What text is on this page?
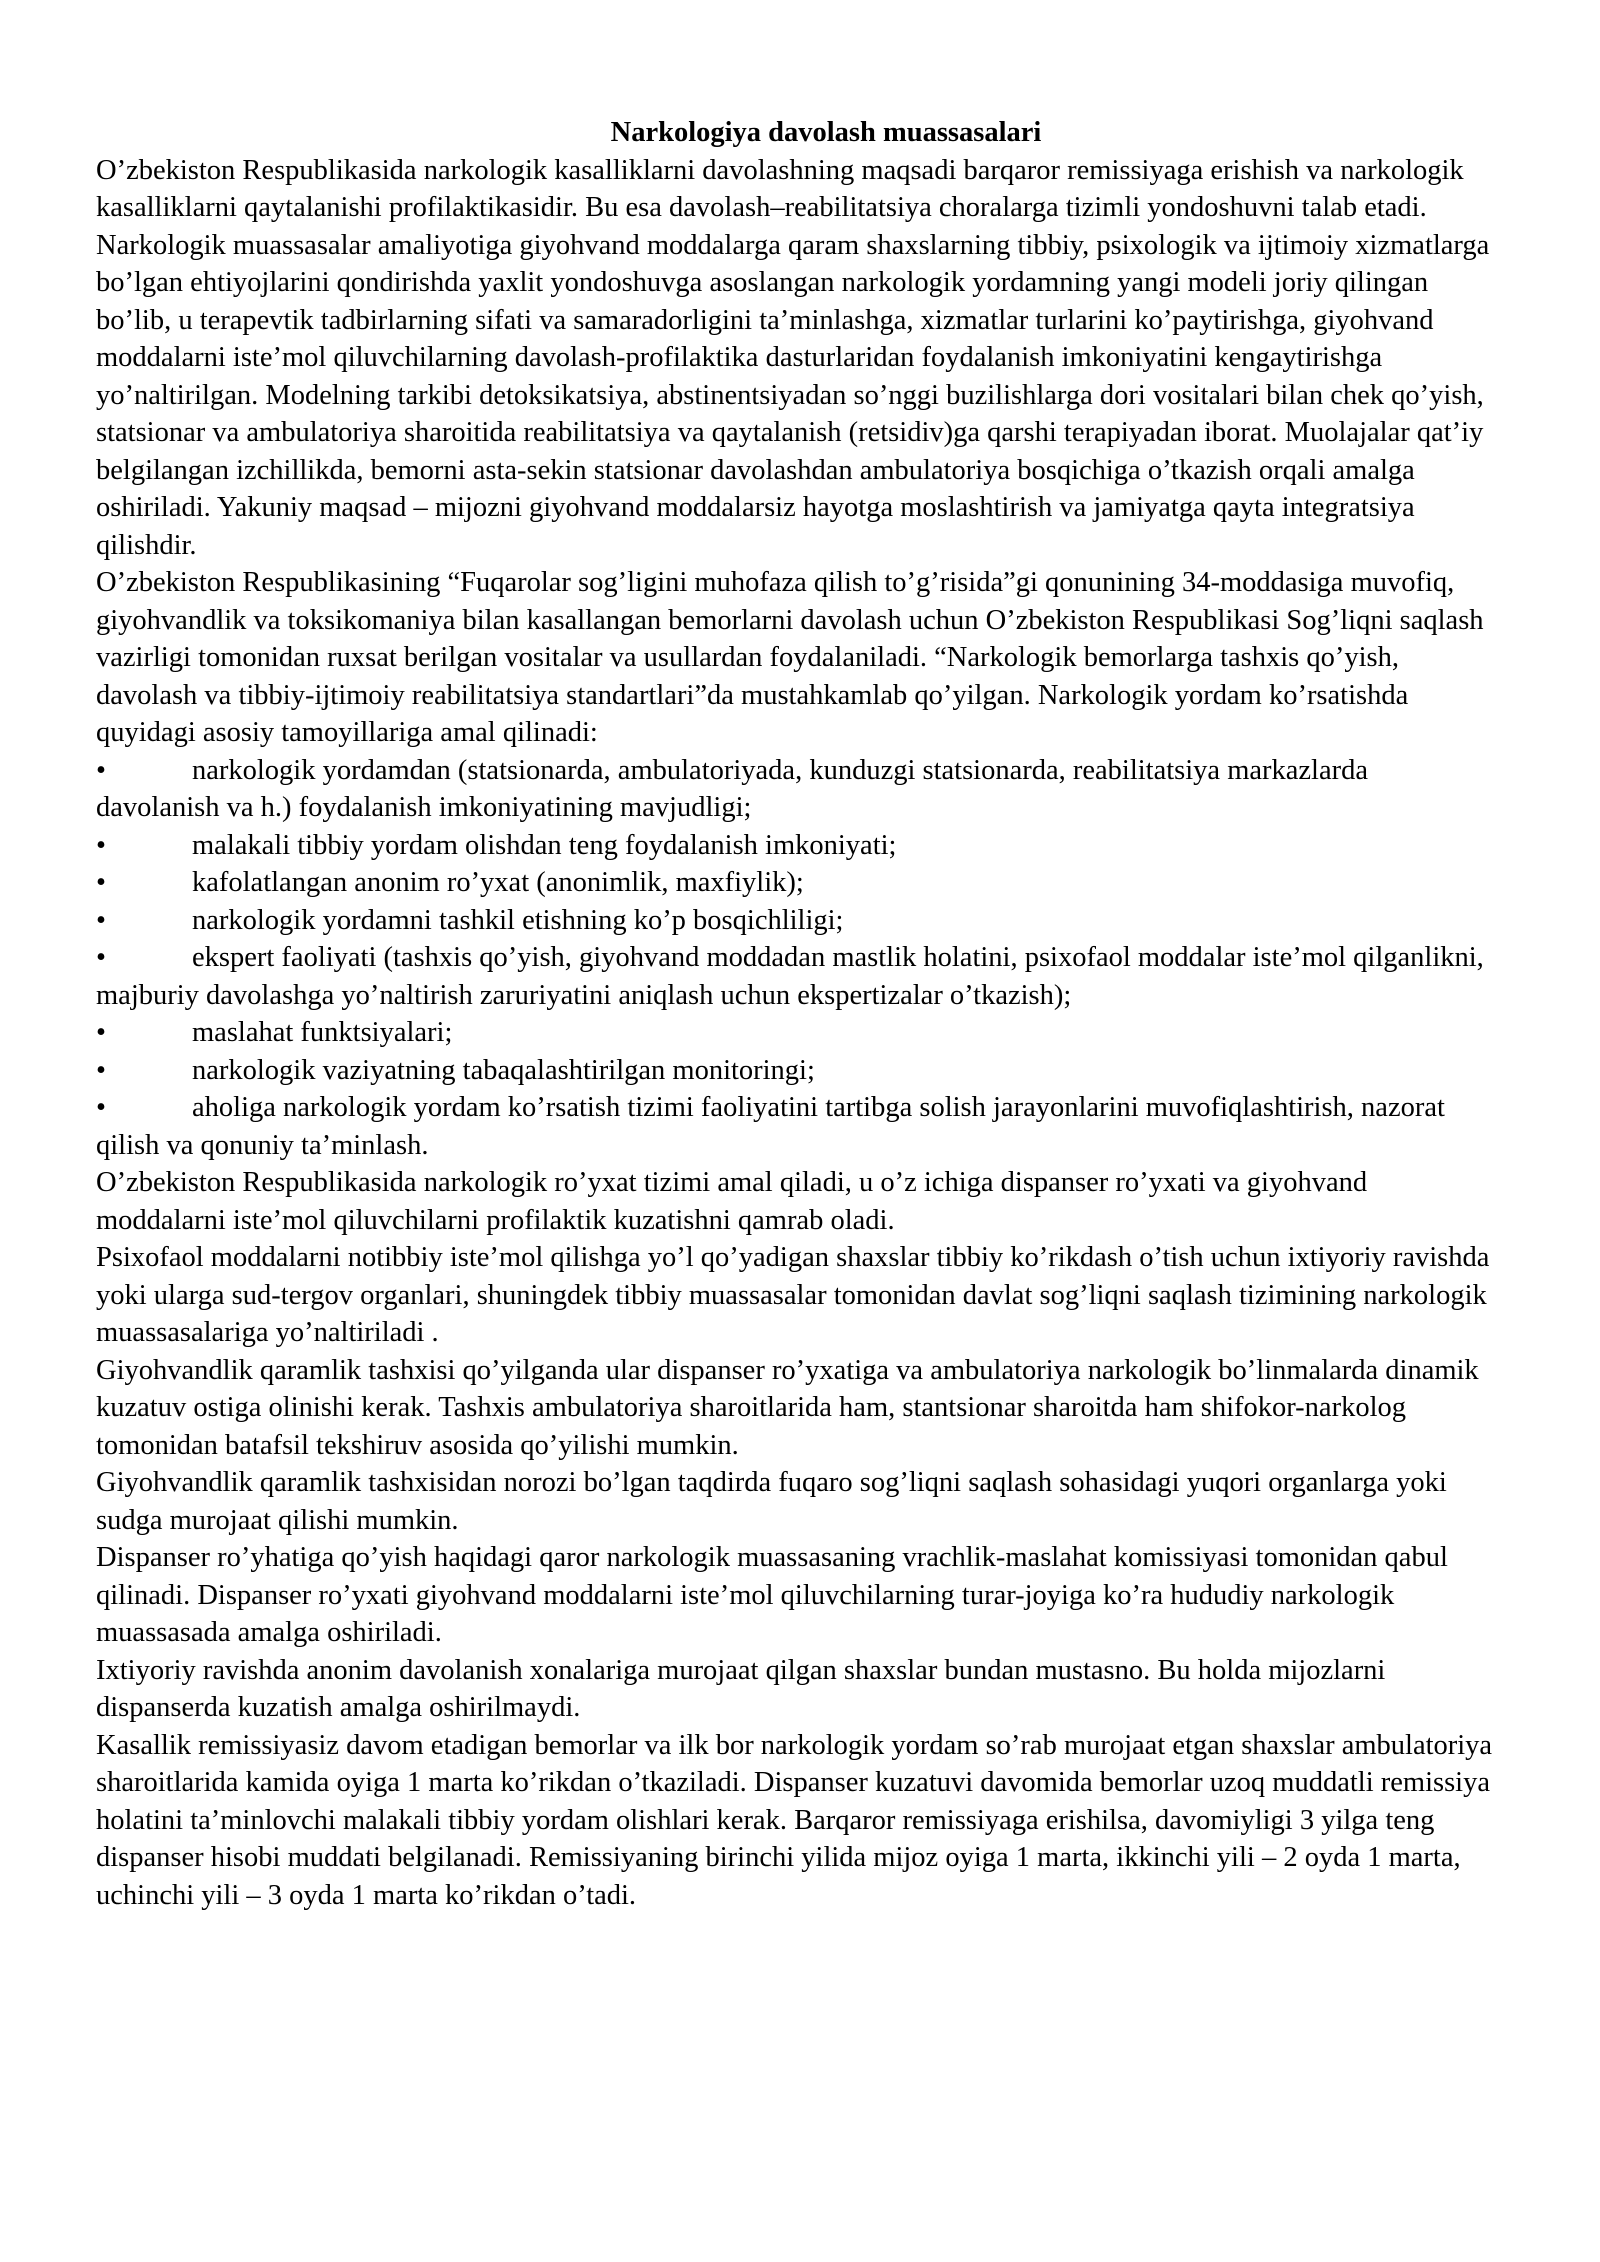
Narkologiya davolash muassasalari

O’zbekiston Respublikasida narkologik kasalliklarni davolashning maqsadi barqaror remissiyaga erishish va narkologik kasalliklarni qaytalanishi profilaktikasidir. Bu esa davolash–reabilitatsiya choralarga tizimli yondoshuvni talab etadi.

Narkologik muassasalar amaliyotiga giyohvand moddalarga qaram shaxslarning tibbiy, psixologik va ijtimoiy xizmatlarga bo’lgan ehtiyojlarini qondirishda yaxlit yondoshuvga asoslangan narkologik yordamning yangi modeli joriy qilingan bo’lib, u terapevtik tadbirlarning sifati va samaradorligini ta’minlashga, xizmatlar turlarini ko’paytirishga, giyohvand moddalarni iste’mol qiluvchilarning davolash-profilaktika dasturlaridan foydalanish imkoniyatini kengaytirishga yo’naltirilgan. Modelning tarkibi detoksikatsiya, abstinentsiyadan so’nggi buzilishlarga dori vositalari bilan chek qo’yish, statsionar va ambulatoriya sharoitida reabilitatsiya va qaytalanish (retsidiv)ga qarshi terapiyadan iborat. Muolajalar qat’iy belgilangan izchillikda, bemorni asta-sekin statsionar davolashdan ambulatoriya bosqichiga o’tkazish orqali amalga oshiriladi. Yakuniy maqsad – mijozni giyohvand moddalarsiz hayotga moslashtirish va jamiyatga qayta integratsiya qilishdir.

O’zbekiston Respublikasining “Fuqarolar sog’ligini muhofaza qilish to’g’risida”gi qonunining 34-moddasiga muvofiq, giyohvandlik va toksikomaniya bilan kasallangan bemorlarni davolash uchun O’zbekiston Respublikasi Sog’liqni saqlash vazirligi tomonidan ruxsat berilgan vositalar va usullardan foydalaniladi. “Narkologik bemorlarga tashxis qo’yish, davolash va tibbiy-ijtimoiy reabilitatsiya standartlari”da mustahkamlab qo’yilgan. Narkologik yordam ko’rsatishda quyidagi asosiy tamoyillariga amal qilinadi:

•	narkologik yordamdan (statsionarda, ambulatoriyada, kunduzgi statsionarda, reabilitatsiya markazlarda davolanish va h.) foydalanish imkoniyatining mavjudligi;
•	malakali tibbiy yordam olishdan teng foydalanish imkoniyati;
•	kafolatlangan anonim ro’yxat (anonimlik, maxfiylik);
•	narkologik yordamni tashkil etishning ko’p bosqichliligi;
•	ekspert faoliyati (tashxis qo’yish, giyohvand moddadan mastlik holatini, psixofaol moddalar iste’mol qilganlikni, majburiy davolashga yo’naltirish zaruriyatini aniqlash uchun ekspertizalar o’tkazish);
•	maslahat funktsiyalari;
•	narkologik vaziyatning tabaqalashtirilgan monitoringi;
•	aholiga narkologik yordam ko’rsatish tizimi faoliyatini tartibga solish jarayonlarini muvofiqlashtirish, nazorat qilish va qonuniy ta’minlash.

O’zbekiston Respublikasida narkologik ro’yxat tizimi amal qiladi, u o’z ichiga dispanser ro’yxati va giyohvand moddalarni iste’mol qiluvchilarni profilaktik kuzatishni qamrab oladi.

Psixofaol moddalarni notibbiy iste’mol qilishga yo’l qo’yadigan shaxslar tibbiy ko’rikdash o’tish uchun ixtiyoriy ravishda yoki ularga sud-tergov organlari, shuningdek tibbiy muassasalar tomonidan davlat sog’liqni saqlash tizimining narkologik muassasalariga yo’naltiriladi .

Giyohvandlik qaramlik tashxisi qo’yilganda ular dispanser ro’yxatiga va ambulatoriya narkologik bo’linmalarda dinamik kuzatuv ostiga olinishi kerak. Tashxis ambulatoriya sharoitlarida ham, stantsionar sharoitda ham shifokor-narkolog tomonidan batafsil tekshiruv asosida qo’yilishi mumkin.

Giyohvandlik qaramlik tashxisidan norozi bo’lgan taqdirda fuqaro sog’liqni saqlash sohasidagi yuqori organlarga yoki sudga murojaat qilishi mumkin.

Dispanser ro’yhatiga qo’yish haqidagi qaror narkologik muassasaning vrachlik-maslahat komissiyasi tomonidan qabul qilinadi. Dispanser ro’yxati giyohvand moddalarni iste’mol qiluvchilarning turar-joyiga ko’ra hududiy narkologik muassasada amalga oshiriladi.

Ixtiyoriy ravishda anonim davolanish xonalariga murojaat qilgan shaxslar bundan mustasno. Bu holda mijozlarni dispanserda kuzatish amalga oshirilmaydi.

Kasallik remissiyasiz davom etadigan bemorlar va ilk bor narkologik yordam so’rab murojaat etgan shaxslar ambulatoriya sharoitlarida kamida oyiga 1 marta ko’rikdan o’tkaziladi. Dispanser kuzatuvi davomida bemorlar uzoq muddatli remissiya holatini ta’minlovchi malakali tibbiy yordam olishlari kerak. Barqaror remissiyaga erishilsa, davomiyligi 3 yilga teng dispanser hisobi muddati belgilanadi. Remissiyaning birinchi yilida mijoz oyiga 1 marta, ikkinchi yili – 2 oyda 1 marta, uchinchi yili – 3 oyda 1 marta ko’rikdan o’tadi.
